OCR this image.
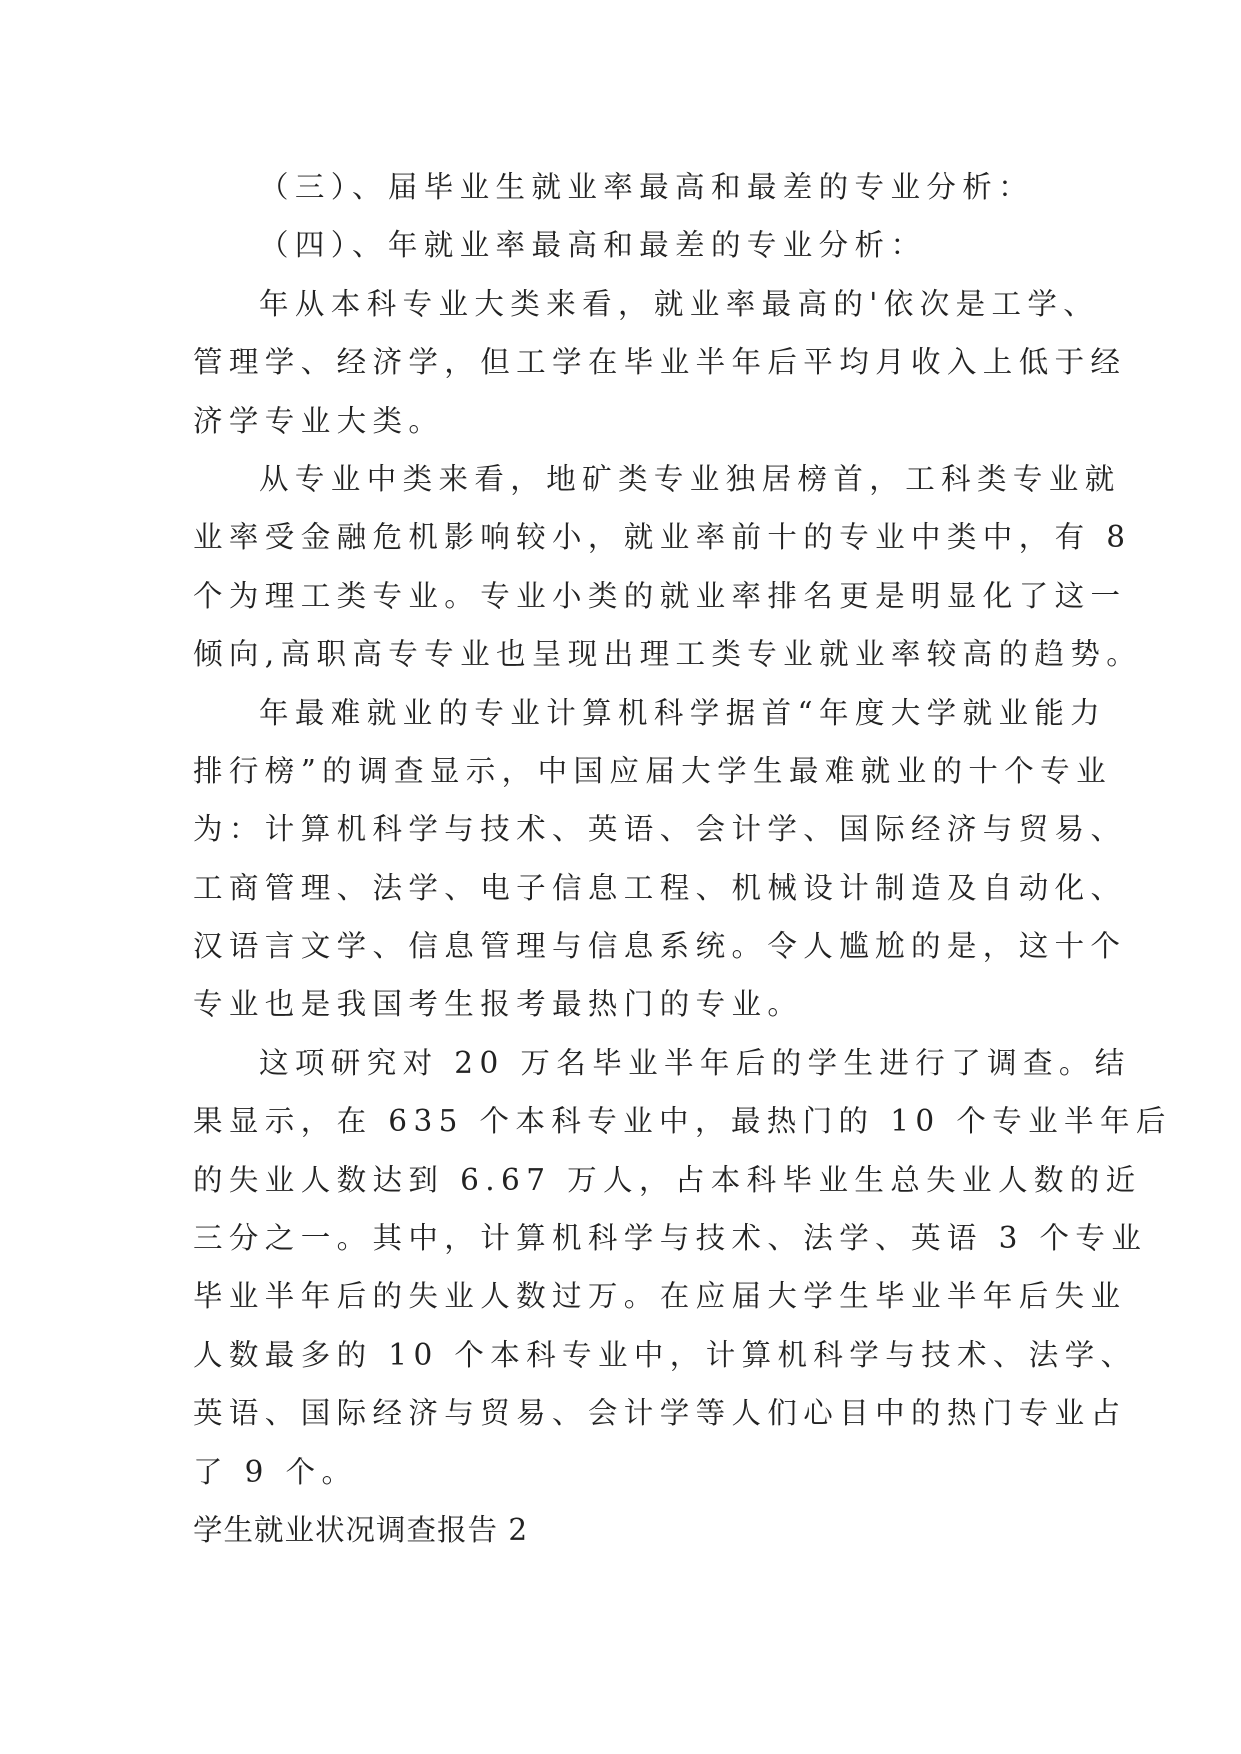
（三）、届毕业生就业率最高和最差的专业分析：
（四）、年就业率最高和最差的专业分析：
年从本科专业大类来看，就业率最高的'依次是工学、
管理学、经济学，但工学在毕业半年后平均月收入上低于经
济学专业大类。
从专业中类来看，地矿类专业独居榜首，工科类专业就
业率受金融危机影响较小，就业率前十的专业中类中，有 8
个为理工类专业。专业小类的就业率排名更是明显化了这一
倾向,高职高专专业也呈现出理工类专业就业率较高的趋势。
年最难就业的专业计算机科学据首“年度大学就业能力
排行榜”的调查显示，中国应届大学生最难就业的十个专业
为：计算机科学与技术、英语、会计学、国际经济与贸易、
工商管理、法学、电子信息工程、机械设计制造及自动化、
汉语言文学、信息管理与信息系统。令人尴尬的是，这十个
专业也是我国考生报考最热门的专业。
这项研究对 20 万名毕业半年后的学生进行了调查。结
果显示，在 635 个本科专业中，最热门的 10 个专业半年后
的失业人数达到 6.67 万人，占本科毕业生总失业人数的近
三分之一。其中，计算机科学与技术、法学、英语 3 个专业
毕业半年后的失业人数过万。在应届大学生毕业半年后失业
人数最多的 10 个本科专业中，计算机科学与技术、法学、
英语、国际经济与贸易、会计学等人们心目中的热门专业占
了 9 个。
学生就业状况调查报告 2
